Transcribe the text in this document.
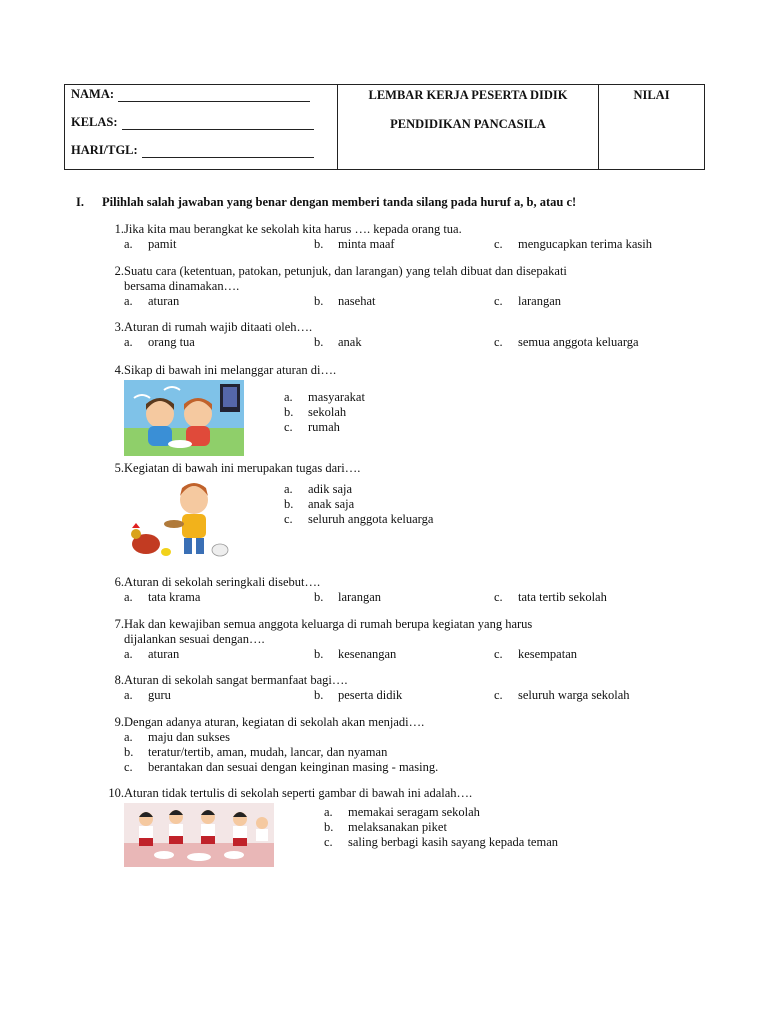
NAMA:
KELAS:
HARI/TGL:

LEMBAR KERJA PESERTA DIDIK
PENDIDIKAN PANCASILA

NILAI
I.	Pilihlah salah jawaban yang benar dengan memberi tanda silang pada huruf a, b, atau c!
1. Jika kita mau berangkat ke sekolah kita harus …. kepada orang tua.
a.	pamit	b.	minta maaf	c.	mengucapkan terima kasih
2. Suatu cara (ketentuan, patokan, petunjuk, dan larangan) yang telah dibuat dan disepakati
bersama dinamakan….
a.	aturan	b.	nasehat	c.	larangan
3. Aturan di rumah wajib ditaati oleh….
a.	orang tua	b.	anak	c.	semua anggota keluarga
4. Sikap di bawah ini melanggar aturan di….
a.	masyarakat
b.	sekolah
c.	rumah
5. Kegiatan di bawah ini merupakan tugas dari….
a.	adik saja
b.	anak saja
c.	seluruh anggota keluarga
6. Aturan di sekolah seringkali disebut….
a.	tata krama	b.	larangan	c.	tata tertib sekolah
7. Hak dan kewajiban semua anggota keluarga di rumah berupa kegiatan yang harus
dijalankan sesuai dengan….
a.	aturan	b.	kesenangan	c.	kesempatan
8. Aturan di sekolah sangat bermanfaat bagi….
a.	guru	b.	peserta didik	c.	seluruh warga sekolah
9. Dengan adanya aturan, kegiatan di sekolah akan menjadi….
a.	maju dan sukses
b.	teratur/tertib, aman, mudah, lancar, dan nyaman
c.	berantakan dan sesuai dengan keinginan masing - masing.
10. Aturan tidak tertulis di sekolah seperti gambar di bawah ini adalah….
a.	memakai seragam sekolah
b.	melaksanakan piket
c.	saling berbagi kasih sayang kepada teman
